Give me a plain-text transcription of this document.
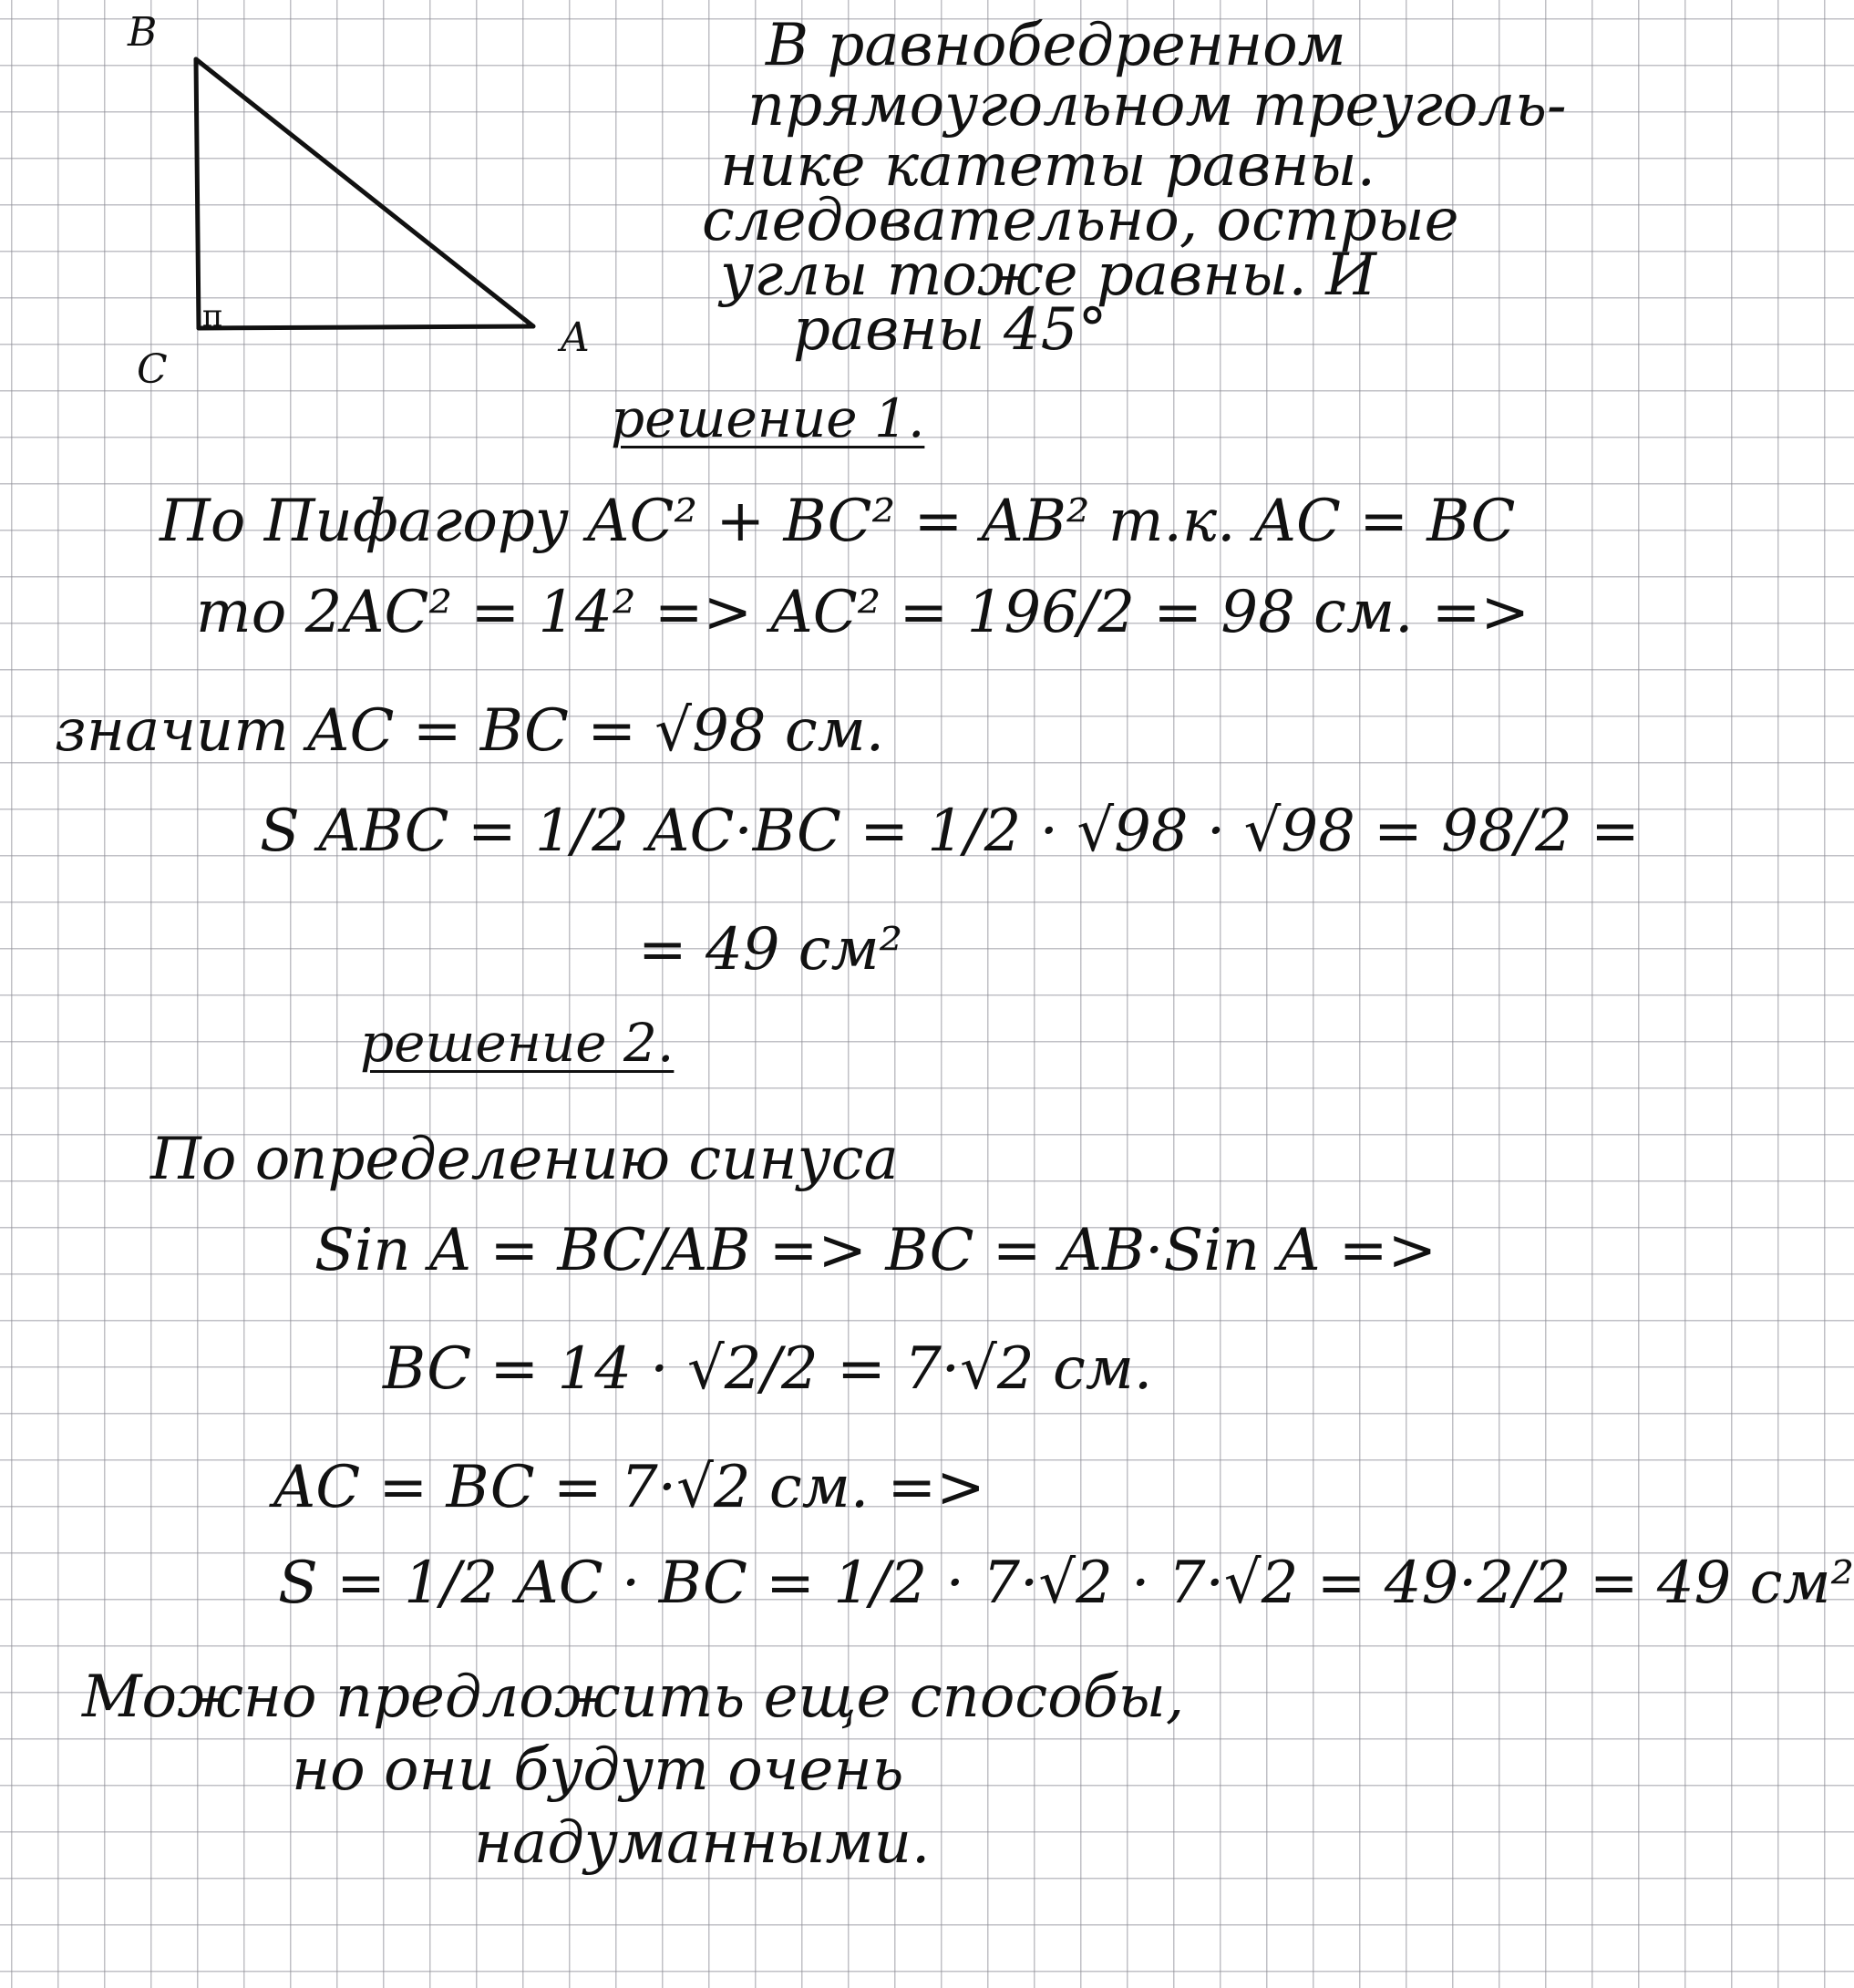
B
C
A
п
В равнобедренном
прямоугольном треуголь-
нике катеты равны.
следовательно, острые
углы тоже равны. И
равны 45°
решение 1.
По Пифагору AC² + BC² = AB² т.к. AC = BC
то 2AC² = 14² => AC² = 196/2 = 98 см. =>
значит AC = BC = √98 см.
S ABC = 1/2 AC·BC = 1/2 · √98 · √98 = 98/2 =
= 49 см²
решение 2.
По определению синуса
Sin A = BC/AB => BC = AB·Sin A =>
BC = 14 · √2/2 = 7·√2 см.
AC = BC = 7·√2 см. =>
S = 1/2 AC · BC = 1/2 · 7·√2 · 7·√2 = 49·2/2 = 49 см²
Можно предложить еще способы,
но они будут очень
надуманными.
